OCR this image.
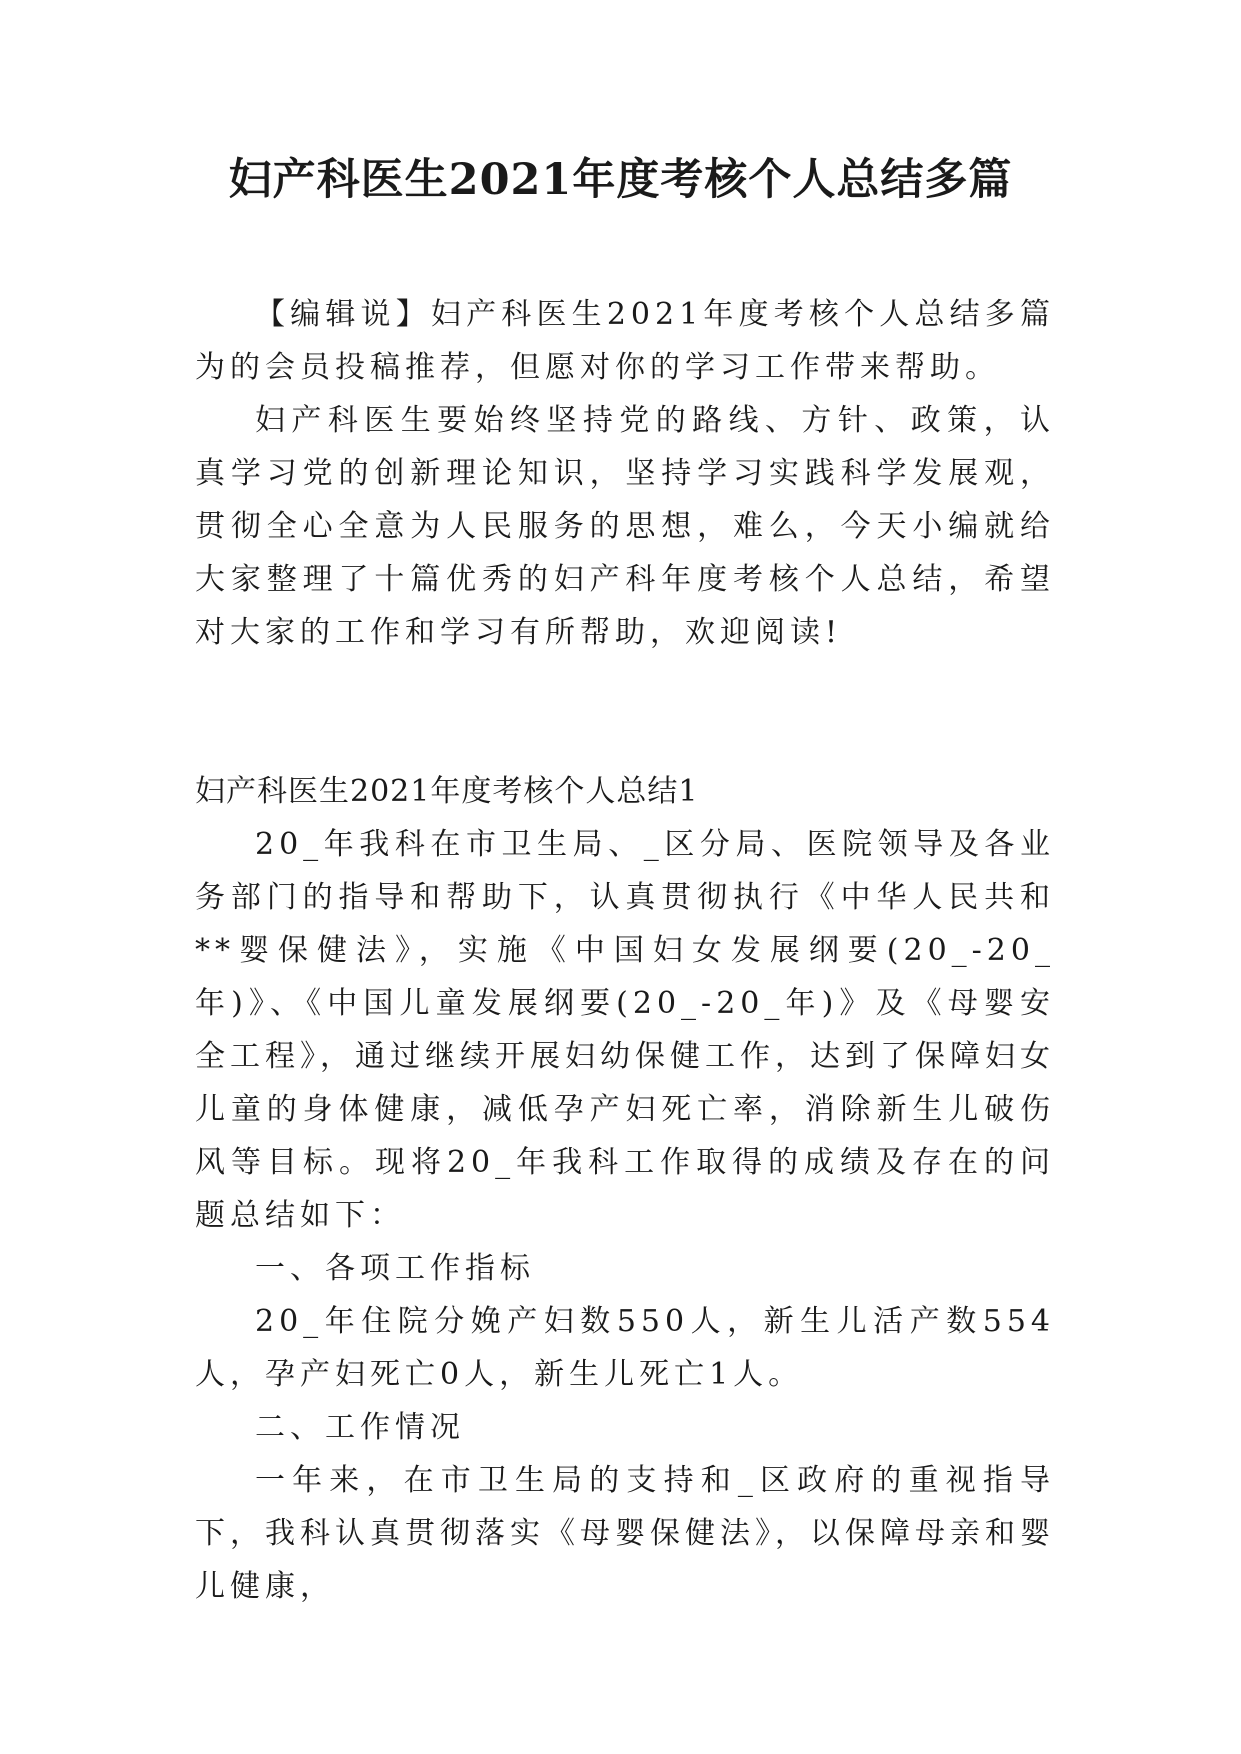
妇产科医生2021年度考核个人总结多篇

【编辑说】妇产科医生2021年度考核个人总结多篇为的会员投稿推荐，但愿对你的学习工作带来帮助。

妇产科医生要始终坚持党的路线、方针、政策，认真学习党的创新理论知识，坚持学习实践科学发展观，贯彻全心全意为人民服务的思想，难么，今天小编就给大家整理了十篇优秀的妇产科年度考核个人总结，希望对大家的工作和学习有所帮助，欢迎阅读!

妇产科医生2021年度考核个人总结1

20_年我科在市卫生局、_区分局、医院领导及各业务部门的指导和帮助下，认真贯彻执行《中华人民共和**婴保健法》，实施《中国妇女发展纲要(20_-20_年)》、《中国儿童发展纲要(20_-20_年)》及《母婴安全工程》，通过继续开展妇幼保健工作，达到了保障妇女儿童的身体健康，减低孕产妇死亡率，消除新生儿破伤风等目标。现将20_年我科工作取得的成绩及存在的问题总结如下：

一、各项工作指标

20_年住院分娩产妇数550人，新生儿活产数554人，孕产妇死亡0人，新生儿死亡1人。

二、工作情况

一年来，在市卫生局的支持和_区政府的重视指导下，我科认真贯彻落实《母婴保健法》，以保障母亲和婴儿健康，
